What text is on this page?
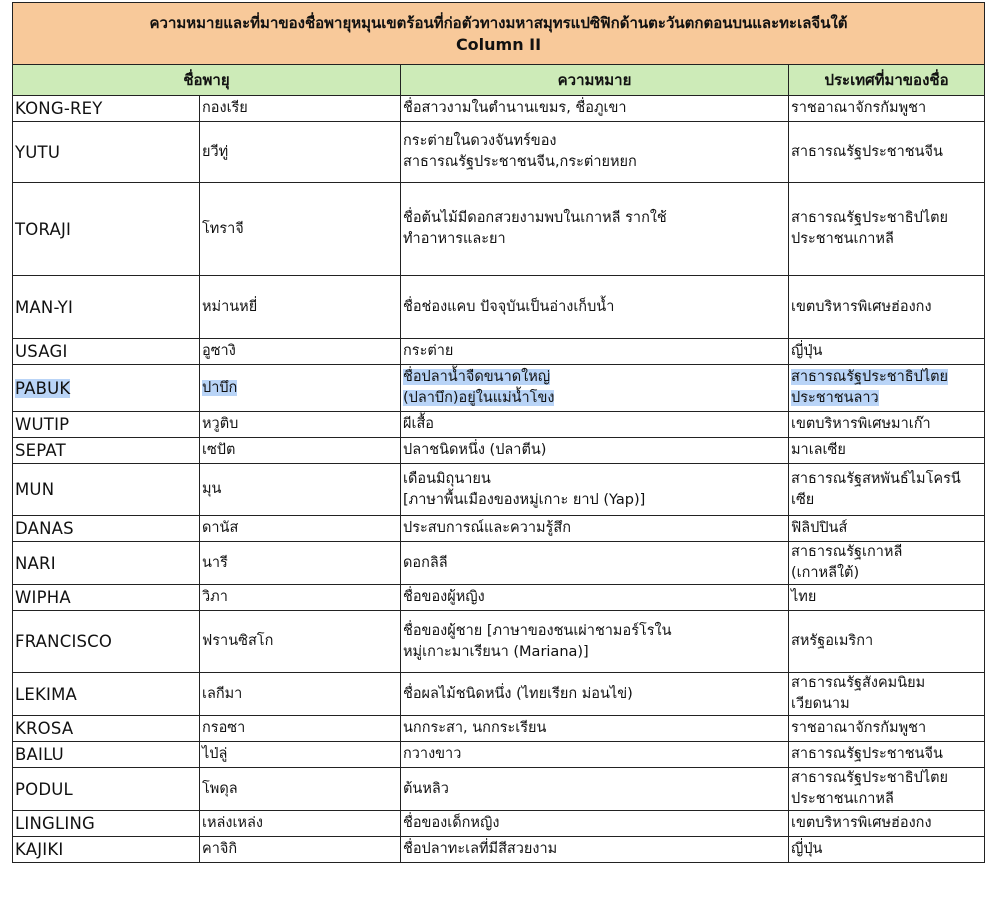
ความหมายและที่มาของชื่อพายุหมุนเขตร้อนที่ก่อตัวทางมหาสมุทรแปซิฟิกด้านตะวันตกตอนบนและทะเลจีนใต้
Column II			

ชื่อพายุ		ความหมาย	ประเทศที่มาของชื่อ
KONG-REY	กองเรีย	ชื่อสาวงามในตำนานเขมร, ชื่อภูเขา	ราชอาณาจักรกัมพูชา
YUTU	ยวีทู่	กระต่ายในดวงจันทร์ของ
สาธารณรัฐประชาชนจีน,กระต่ายหยก	สาธารณรัฐประชาชนจีน
TORAJI	โทราจี	ชื่อต้นไม้มีดอกสวยงามพบในเกาหลี รากใช้
ทำอาหารและยา	สาธารณรัฐประชาธิปไตย
ประชาชนเกาหลี
MAN-YI	หม่านหยี่	ชื่อช่องแคบ ปัจจุบันเป็นอ่างเก็บน้ำ	เขตบริหารพิเศษฮ่องกง
USAGI	อูซางิ	กระต่าย	ญี่ปุ่น
PABUK	ปาบึก	ชื่อปลาน้ำจืดขนาดใหญ่
(ปลาบึก)อยู่ในแม่น้ำโขง	สาธารณรัฐประชาธิปไตย
ประชาชนลาว
WUTIP	หวูติบ	ผีเสื้อ	เขตบริหารพิเศษมาเก๊า
SEPAT	เซปัต	ปลาชนิดหนึ่ง (ปลาตีน)	มาเลเซีย
MUN	มุน	เดือนมิถุนายน
[ภาษาพื้นเมืองของหมู่เกาะ ยาป (Yap)]	สาธารณรัฐสหพันธ์ไมโครนี
เซีย
DANAS	ดานัส	ประสบการณ์และความรู้สึก	ฟิลิปปินส์
NARI	นารี	ดอกลิลี	สาธารณรัฐเกาหลี
(เกาหลีใต้)
WIPHA	วิภา	ชื่อของผู้หญิง	ไทย
FRANCISCO	ฟรานซิสโก	ชื่อของผู้ชาย [ภาษาของชนเผ่าชามอร์โรใน
หมู่เกาะมาเรียนา (Mariana)]	สหรัฐอเมริกา
LEKIMA	เลกีมา	ชื่อผลไม้ชนิดหนึ่ง (ไทยเรียก ม่อนไข่)	สาธารณรัฐสังคมนิยม
เวียดนาม
KROSA	กรอซา	นกกระสา, นกกระเรียน	ราชอาณาจักรกัมพูชา
BAILU	ไป่ลู่	กวางขาว	สาธารณรัฐประชาชนจีน
PODUL	โพดุล	ต้นหลิว	สาธารณรัฐประชาธิปไตย
ประชาชนเกาหลี
LINGLING	เหล่งเหล่ง	ชื่อของเด็กหญิง	เขตบริหารพิเศษฮ่องกง
KAJIKI	คาจิกิ	ชื่อปลาทะเลที่มีสีสวยงาม	ญี่ปุ่น
